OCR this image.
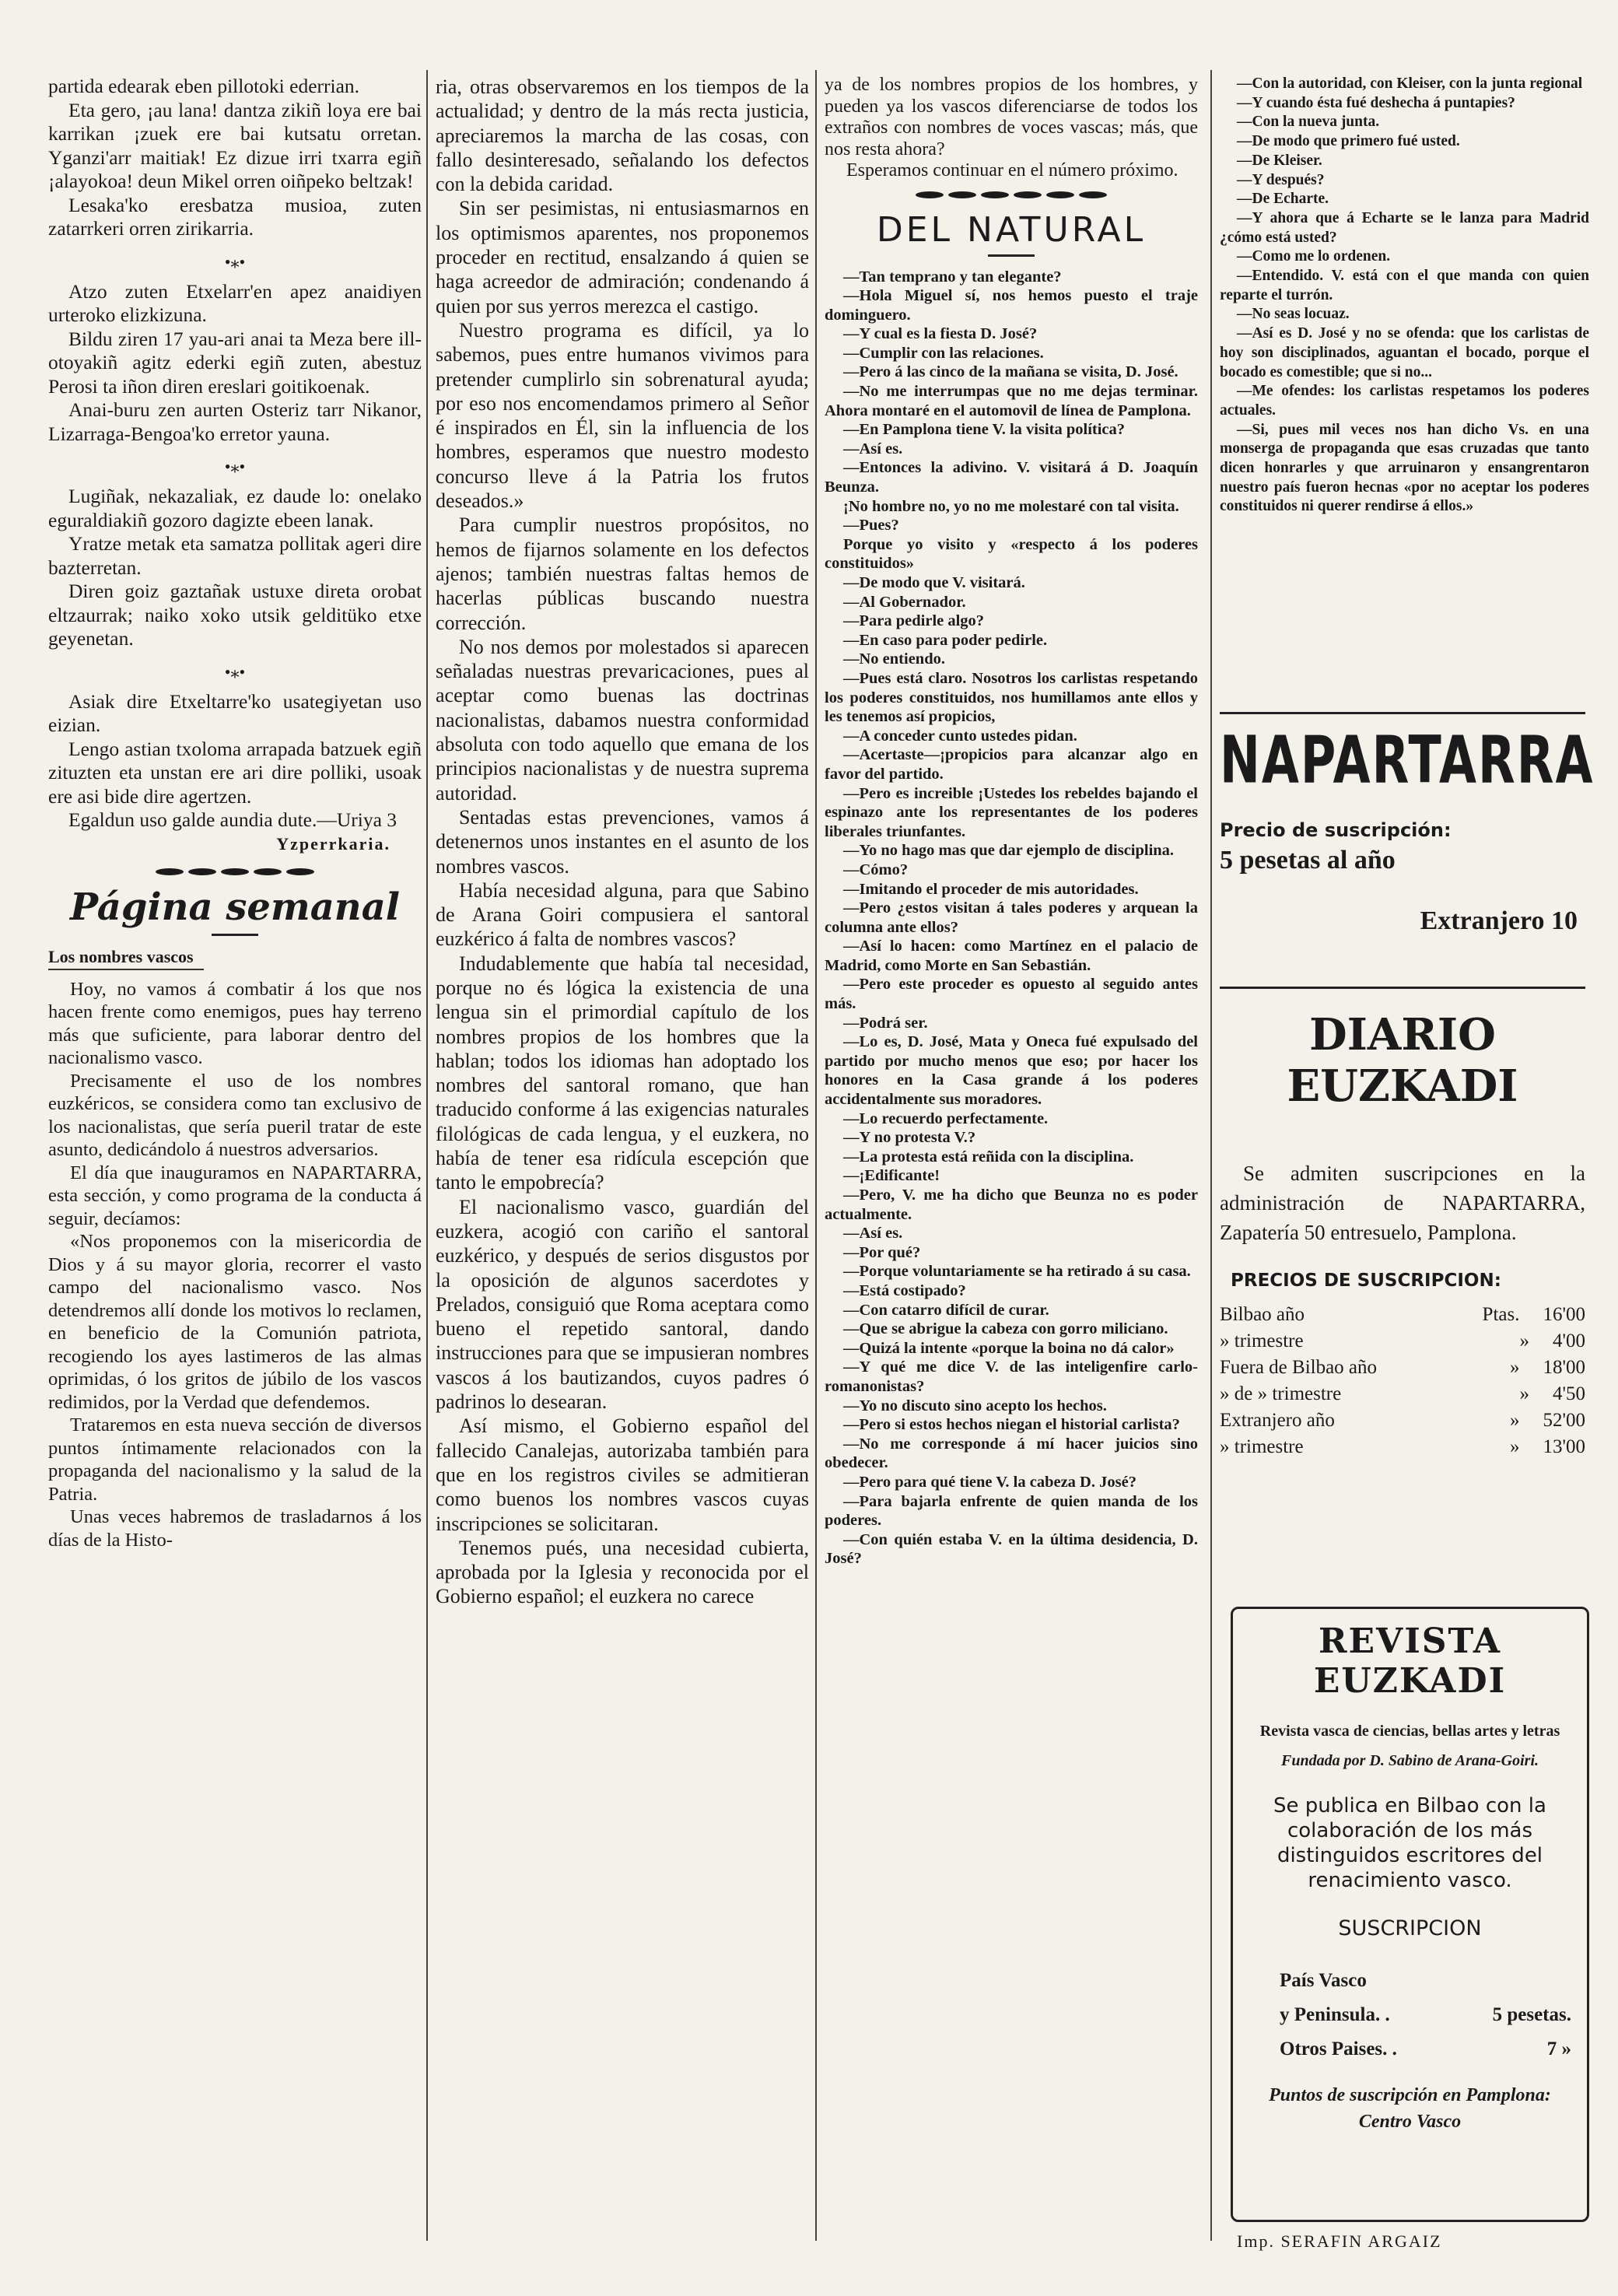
partida edearak eben pillotoki ederrian.

Eta gero, ¡au lana! dantza zikiñ loya ere bai karrikan ¡zuek ere bai kutsatu orretan. Yganzi'arr maitiak! Ez dizue irri txarra egiñ ¡alayokoa! deun Mikel orren oiñpeko beltzak!

Lesaka'ko eresbatza musioa, zuten zatarrkeri orren zirikarria.

•⁎•

Atzo zuten Etxelarr'en apez anaidiyen urteroko elizkizuna.

Bildu ziren 17 yau-ari anai ta Meza bere ill-otoyakiñ agitz ederki egiñ zuten, abestuz Perosi ta iñon diren ereslari goitikoenak.

Anai-buru zen aurten Osteriz tarr Nikanor, Lizarraga-Bengoa'ko erretor yauna.

•⁎•

Lugiñak, nekazaliak, ez daude lo: onelako eguraldiakiñ gozoro dagizte ebeen lanak.

Yratze metak eta samatza pollitak ageri dire bazterretan.

Diren goiz gaztañak ustuxe direta orobat eltzaurrak; naiko xoko utsik gelditüko etxe geyenetan.

•⁎•

Asiak dire Etxeltarre'ko usategiyetan uso eizian.

Lengo astian txoloma arrapada batzuek egiñ zituzten eta unstan ere ari dire polliki, usoak ere asi bide dire agertzen.

Egaldun uso galde aundia dute.—Uriya 3

Yzperrkaria.
Página semanal
Los nombres vascos

Hoy, no vamos á combatir á los que nos hacen frente como enemigos, pues hay terreno más que suficiente, para laborar dentro del nacionalismo vasco.

Precisamente el uso de los nombres euzkéricos, se considera como tan exclusivo de los nacionalistas, que sería pueril tratar de este asunto, dedicándolo á nuestros adversarios.

El día que inauguramos en NAPARTARRA, esta sección, y como programa de la conducta á seguir, decíamos:

«Nos proponemos con la misericordia de Dios y á su mayor gloria, recorrer el vasto campo del nacionalismo vasco. Nos detendremos allí donde los motivos lo reclamen, en beneficio de la Comunión patriota, recogiendo los ayes lastimeros de las almas oprimidas, ó los gritos de júbilo de los vascos redimidos, por la Verdad que defendemos.

Trataremos en esta nueva sección de diversos puntos íntimamente relacionados con la propaganda del nacionalismo y la salud de la Patria.

Unas veces habremos de trasladarnos á los días de la Histo-

ria, otras observaremos en los tiempos de la actualidad; y dentro de la más recta justicia, apreciaremos la marcha de las cosas, con fallo desinteresado, señalando los defectos con la debida caridad.

Sin ser pesimistas, ni entusiasmarnos en los optimismos aparentes, nos proponemos proceder en rectitud, ensalzando á quien se haga acreedor de admiración; condenando á quien por sus yerros merezca el castigo.

Nuestro programa es difícil, ya lo sabemos, pues entre humanos vivimos para pretender cumplirlo sin sobrenatural ayuda; por eso nos encomendamos primero al Señor é inspirados en Él, sin la influencia de los hombres, esperamos que nuestro modesto concurso lleve á la Patria los frutos deseados.»

Para cumplir nuestros propósitos, no hemos de fijarnos solamente en los defectos ajenos; también nuestras faltas hemos de hacerlas públicas buscando nuestra corrección.

No nos demos por molestados si aparecen señaladas nuestras prevaricaciones, pues al aceptar como buenas las doctrinas nacionalistas, dabamos nuestra conformidad absoluta con todo aquello que emana de los principios nacionalistas y de nuestra suprema autoridad.

Sentadas estas prevenciones, vamos á detenernos unos instantes en el asunto de los nombres vascos.

Había necesidad alguna, para que Sabino de Arana Goiri compusiera el santoral euzkérico á falta de nombres vascos?

Indudablemente que había tal necesidad, porque no és lógica la existencia de una lengua sin el primordial capítulo de los nombres propios de los hombres que la hablan; todos los idiomas han adoptado los nombres del santoral romano, que han traducido conforme á las exigencias naturales filológicas de cada lengua, y el euzkera, no había de tener esa ridícula escepción que tanto le empobrecía?

El nacionalismo vasco, guardián del euzkera, acogió con cariño el santoral euzkérico, y después de serios disgustos por la oposición de algunos sacerdotes y Prelados, consiguió que Roma aceptara como bueno el repetido santoral, dando instrucciones para que se impusieran nombres vascos á los bautizandos, cuyos padres ó padrinos lo desearan.

Así mismo, el Gobierno español del fallecido Canalejas, autorizaba también para que en los registros civiles se admitieran como buenos los nombres vascos cuyas inscripciones se solicitaran.

Tenemos pués, una necesidad cubierta, aprobada por la Iglesia y reconocida por el Gobierno español; el euzkera no carece

ya de los nombres propios de los hombres, y pueden ya los vascos diferenciarse de todos los extraños con nombres de voces vascas; más, que nos resta ahora?

Esperamos continuar en el número próximo.

DEL NATURAL

—Tan temprano y tan elegante?

—Hola Miguel sí, nos hemos puesto el traje dominguero.

—Y cual es la fiesta D. José?

—Cumplir con las relaciones.

—Pero á las cinco de la mañana se visita, D. José.

—No me interrumpas que no me dejas terminar. Ahora montaré en el automovil de línea de Pamplona.

—En Pamplona tiene V. la visita política?

—Así es.

—Entonces la adivino. V. visitará á D. Joaquín Beunza.

¡No hombre no, yo no me molestaré con tal visita.

—Pues?

Porque yo visito y «respecto á los poderes constituidos»

—De modo que V. visitará.

—Al Gobernador.

—Para pedirle algo?

—En caso para poder pedirle.

—No entiendo.

—Pues está claro. Nosotros los carlistas respetando los poderes constituidos, nos humillamos ante ellos y les tenemos así propicios,

—A conceder cunto ustedes pidan.

—Acertaste—¡propicios para alcanzar algo en favor del partido.

—Pero es increible ¡Ustedes los rebeldes bajando el espinazo ante los representantes de los poderes liberales triunfantes.

—Yo no hago mas que dar ejemplo de disciplina.

—Cómo?

—Imitando el proceder de mis autoridades.

—Pero ¿estos visitan á tales poderes y arquean la columna ante ellos?

—Así lo hacen: como Martínez en el palacio de Madrid, como Morte en San Sebastián.

—Pero este proceder es opuesto al seguido antes más.

—Podrá ser.

—Lo es, D. José, Mata y Oneca fué expulsado del partido por mucho menos que eso; por hacer los honores en la Casa grande á los poderes accidentalmente sus moradores.

—Lo recuerdo perfectamente.

—Y no protesta V.?

—La protesta está reñida con la disciplina.

—¡Edificante!

—Pero, V. me ha dicho que Beunza no es poder actualmente.

—Así es.

—Por qué?

—Porque voluntariamente se ha retirado á su casa.

—Está costipado?

—Con catarro difícil de curar.

—Que se abrigue la cabeza con gorro miliciano.

—Quizá la intente «porque la boina no dá calor»

—Y qué me dice V. de las inteligenfire carlo-romanonistas?

—Yo no discuto sino acepto los hechos.

—Pero si estos hechos niegan el historial carlista?

—No me corresponde á mí hacer juicios sino obedecer.

—Pero para qué tiene V. la cabeza D. José?

—Para bajarla enfrente de quien manda de los poderes.

—Con quién estaba V. en la última desidencia, D. José?

—Con la autoridad, con Kleiser, con la junta regional

—Y cuando ésta fué deshecha á puntapies?

—Con la nueva junta.

—De modo que primero fué usted.

—De Kleiser.

—Y después?

—De Echarte.

—Y ahora que á Echarte se le lanza para Madrid ¿cómo está usted?

—Como me lo ordenen.

—Entendido. V. está con el que manda con quien reparte el turrón.

—No seas locuaz.

—Así es D. José y no se ofenda: que los carlistas de hoy son disciplinados, aguantan el bocado, porque el bocado es comestible; que si no...

—Me ofendes: los carlistas respetamos los poderes actuales.

—Si, pues mil veces nos han dicho Vs. en una monserga de propaganda que esas cruzadas que tanto dicen honrarles y que arruinaron y ensangrentaron nuestro país fueron hecnas «por no aceptar los poderes constituidos ni querer rendirse á ellos.»

NAPARTARRA
Precio de suscripción:
5 pesetas al año
Extranjero 10
DIARIO EUZKADI

Se admiten suscripciones en la administración de NAPARTARRA, Zapatería 50 entresuelo, Pamplona.

PRECIOS DE SUSCRIPCION:
Bilbao año	Ptas. 16'00
» trimestre	» 4'00
Fuera de Bilbao año	» 18'00
» de » trimestre	» 4'50
Extranjero año	» 52'00
» trimestre	» 13'00
REVISTA EUZKADI
Revista vasca de ciencias, bellas artes y letras
Fundada por D. Sabino de Arana-Goiri.

Se publica en Bilbao con la colaboración de los más distinguidos escritores del renacimiento vasco.

SUSCRIPCION
País Vasco
y Peninsula. .	5 pesetas.
Otros Paises. .	7 »
Puntos de suscripción en Pamplona: Centro Vasco
Imp. SERAFIN ARGAIZ
